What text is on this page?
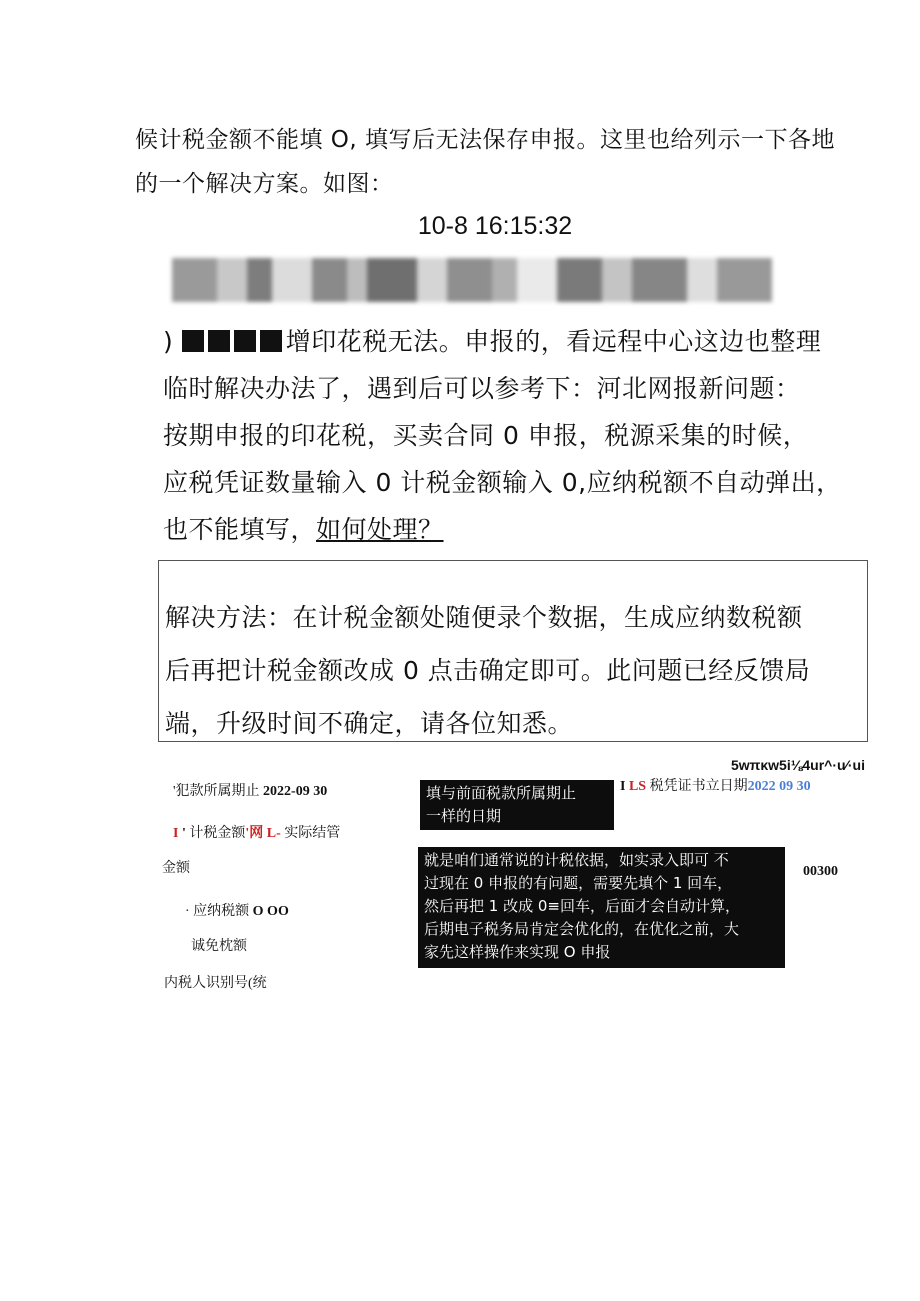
候计税金额不能填 O, 填写后无法保存申报。这里也给列示一下各地
的一个解决方案。如图：
10-8 16:15:32
)	增印花税无法。申报的，看远程中心这边也整理
临时解决办法了，遇到后可以参考下：河北网报新问题：
按期申报的印花税，买卖合同 0 申报，税源采集的时候，
应税凭证数量输入 0 计税金额输入 0,应纳税额不自动弹出，
也不能填写，如何处理？
解决方法：在计税金额处随便录个数据，生成应纳数税额
后再把计税金额改成 0 点击确定即可。此问题已经反馈局
端，升级时间不确定，请各位知悉。
5wπκw5i⅛4ur^·u⁄·ui
'犯款所属期止 2022-09 30	填与前面税款所属期止
一样的日期
I LS 税凭证书立日期2022 09 30
I ' 计税金额'网 L- 实际结管
金额	就是咱们通常说的计税依据，如实录入即可 不
过现在 0 申报的有问题，需要先填个 1 回车，
然后再把 1 改成 0≡回车，后面才会自动计算，
后期电子税务局肯定会优化的，在优化之前，大
家先这样操作来实现 O 申报
00300
· 应纳税额 O OO
诚免枕额
内税人识别号(统
